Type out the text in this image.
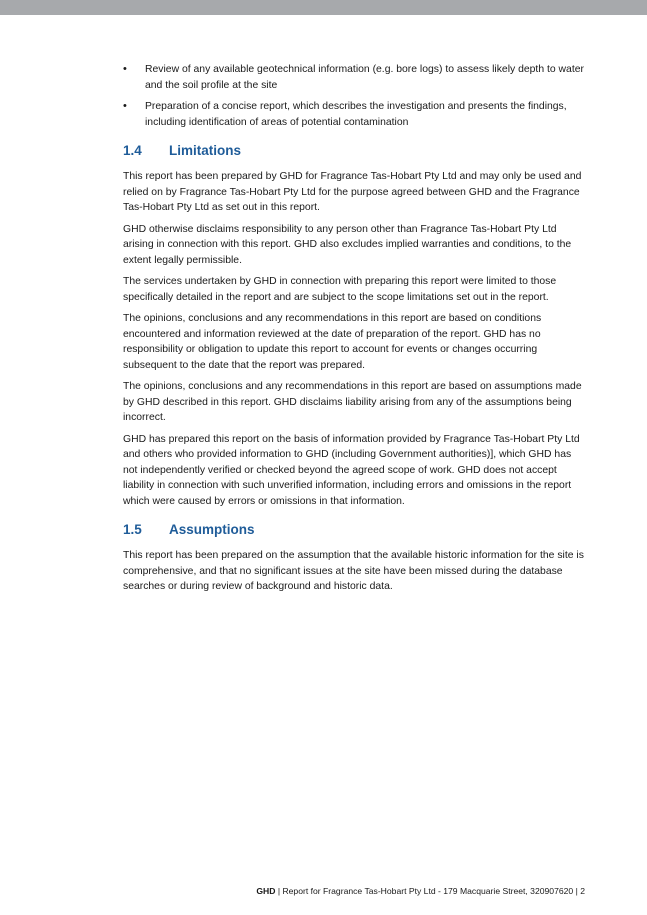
• Review of any available geotechnical information (e.g. bore logs) to assess likely depth to water and the soil profile at the site
• Preparation of a concise report, which describes the investigation and presents the findings, including identification of areas of potential contamination
1.4 Limitations

This report has been prepared by GHD for Fragrance Tas-Hobart Pty Ltd and may only be used and relied on by Fragrance Tas-Hobart Pty Ltd for the purpose agreed between GHD and the Fragrance Tas-Hobart Pty Ltd as set out in this report.

GHD otherwise disclaims responsibility to any person other than Fragrance Tas-Hobart Pty Ltd arising in connection with this report. GHD also excludes implied warranties and conditions, to the extent legally permissible.

The services undertaken by GHD in connection with preparing this report were limited to those specifically detailed in the report and are subject to the scope limitations set out in the report.

The opinions, conclusions and any recommendations in this report are based on conditions encountered and information reviewed at the date of preparation of the report. GHD has no responsibility or obligation to update this report to account for events or changes occurring subsequent to the date that the report was prepared.

The opinions, conclusions and any recommendations in this report are based on assumptions made by GHD described in this report. GHD disclaims liability arising from any of the assumptions being incorrect.

GHD has prepared this report on the basis of information provided by Fragrance Tas-Hobart Pty Ltd and others who provided information to GHD (including Government authorities)], which GHD has not independently verified or checked beyond the agreed scope of work. GHD does not accept liability in connection with such unverified information, including errors and omissions in the report which were caused by errors or omissions in that information.

1.5 Assumptions

This report has been prepared on the assumption that the available historic information for the site is comprehensive, and that no significant issues at the site have been missed during the database searches or during review of background and historic data.

GHD | Report for Fragrance Tas-Hobart Pty Ltd - 179 Macquarie Street, 320907620 | 2
